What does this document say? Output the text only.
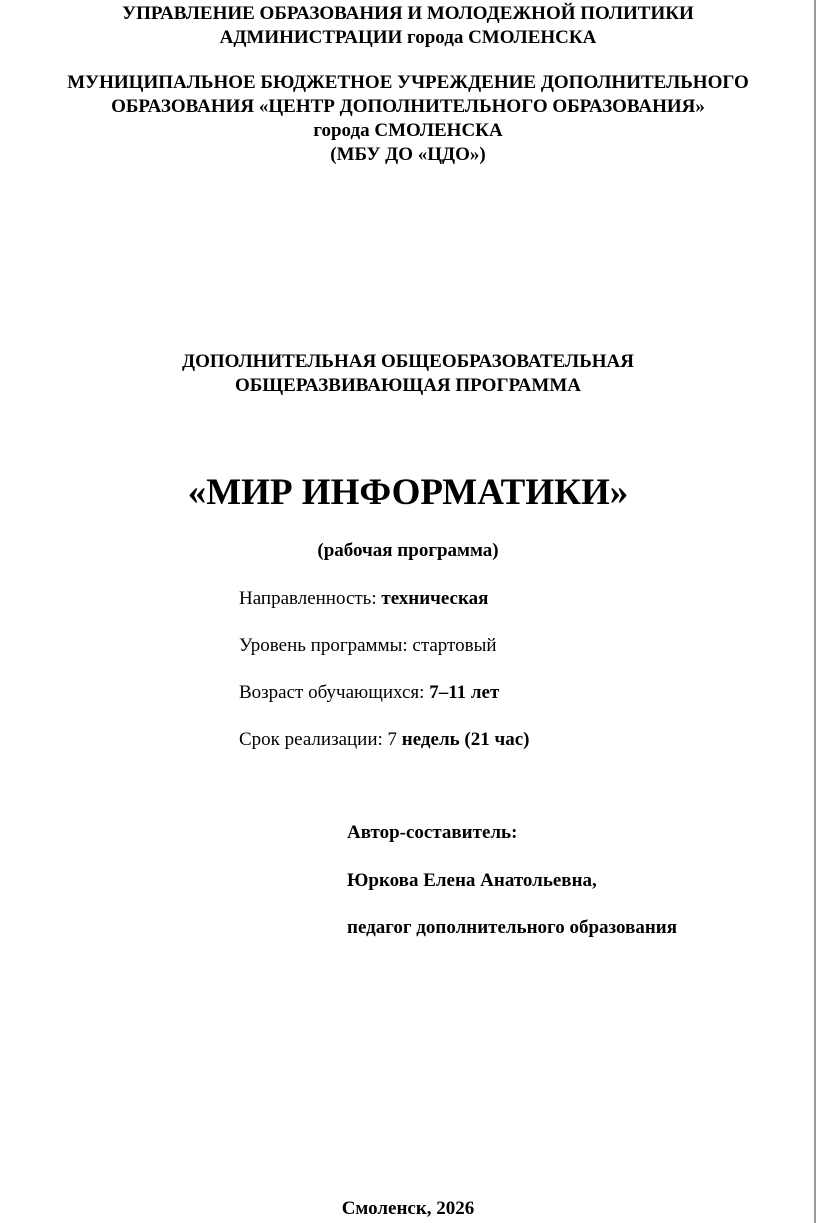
УПРАВЛЕНИЕ ОБРАЗОВАНИЯ И МОЛОДЕЖНОЙ ПОЛИТИКИ
АДМИНИСТРАЦИИ города СМОЛЕНСКА
МУНИЦИПАЛЬНОЕ БЮДЖЕТНОЕ УЧРЕЖДЕНИЕ ДОПОЛНИТЕЛЬНОГО
ОБРАЗОВАНИЯ «ЦЕНТР ДОПОЛНИТЕЛЬНОГО ОБРАЗОВАНИЯ»
города СМОЛЕНСКА
(МБУ ДО «ЦДО»)
ДОПОЛНИТЕЛЬНАЯ ОБЩЕОБРАЗОВАТЕЛЬНАЯ
ОБЩЕРАЗВИВАЮЩАЯ ПРОГРАММА
«МИР ИНФОРМАТИКИ»
(рабочая программа)
Направленность: техническая
Уровень программы: стартовый
Возраст обучающихся: 7–11 лет
Срок реализации: 7 недель (21 час)
Автор-составитель:
Юркова Елена Анатольевна,
педагог дополнительного образования
Смоленск, 2026
